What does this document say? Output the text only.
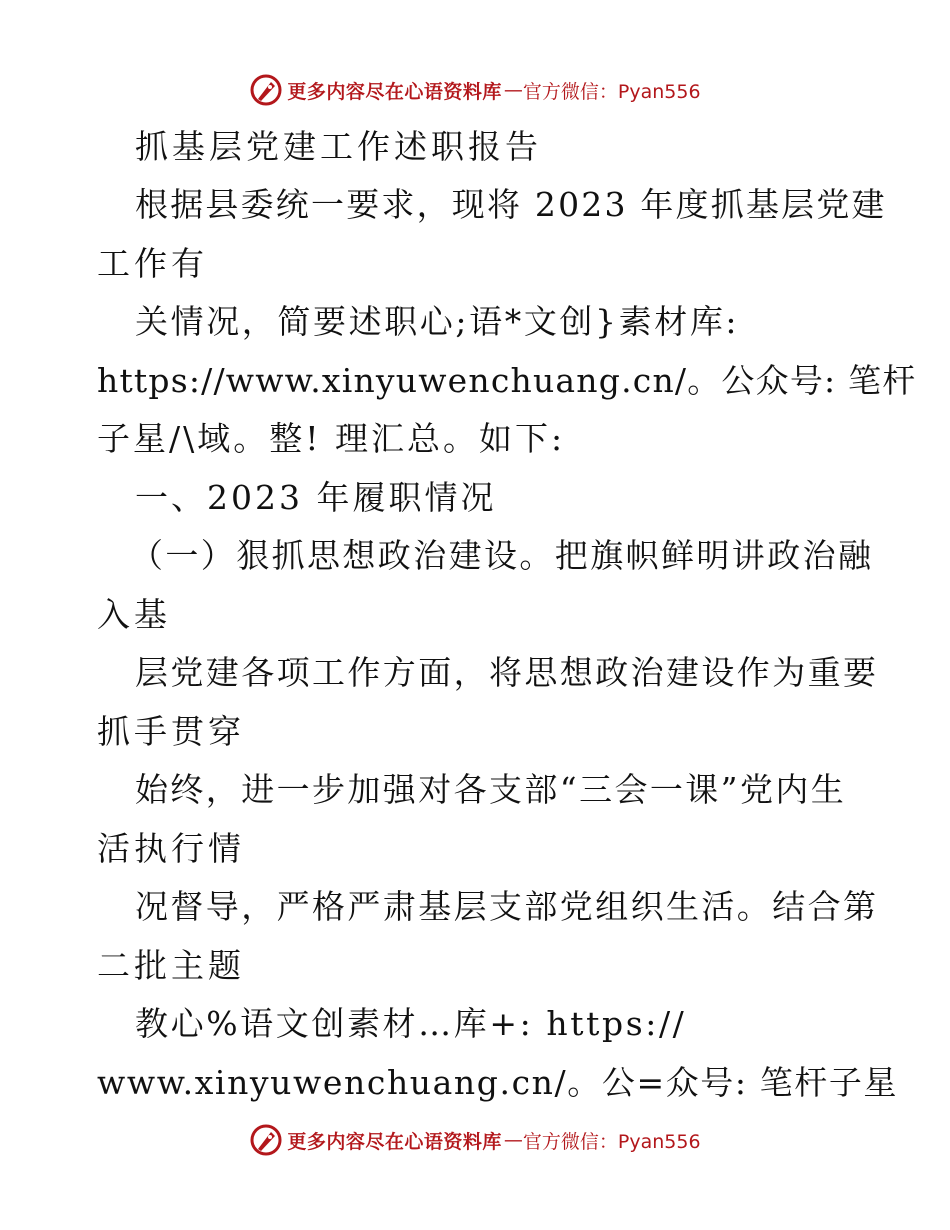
更多内容尽在心语资料库 — 官方微信：Pyan556
抓基层党建工作述职报告
根据县委统一要求，现将 2023 年度抓基层党建
工作有
关情况，简要述职心;语*文创}素材库:
https://www.xinyuwenchuang.cn/。公众号: 笔杆
子星/\域。整! 理汇总。如下:
一、2023 年履职情况
（一）狠抓思想政治建设。把旗帜鲜明讲政治融
入基
层党建各项工作方面，将思想政治建设作为重要
抓手贯穿
始终，进一步加强对各支部“三会一课”党内生
活执行情
况督导，严格严肃基层支部党组织生活。结合第
二批主题
教心%语文创素材…库+: https://
www.xinyuwenchuang.cn/。公=众号: 笔杆子星
更多内容尽在心语资料库 — 官方微信：Pyan556
